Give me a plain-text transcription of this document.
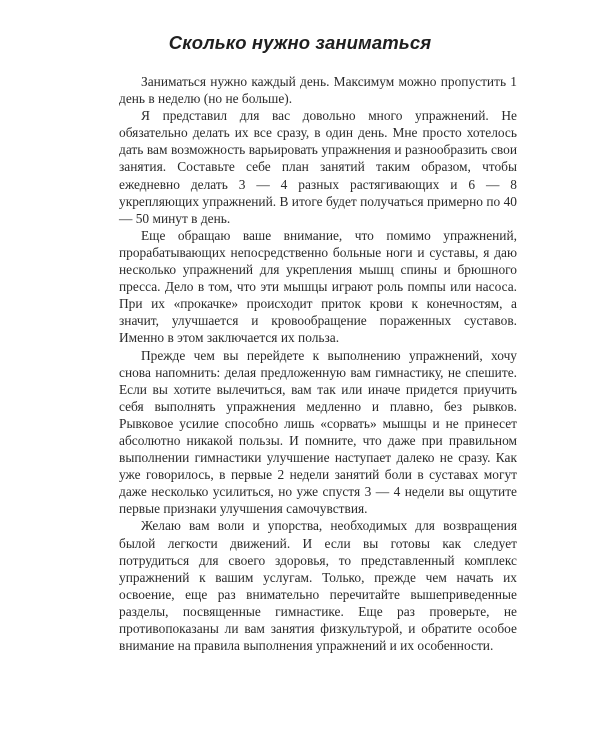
Сколько нужно заниматься

Заниматься нужно каждый день. Максимум можно пропустить 1 день в неделю (но не больше).

Я представил для вас довольно много упражнений. Не обязательно делать их все сразу, в один день. Мне просто хотелось дать вам возможность варьировать упражнения и разнообразить свои занятия. Составьте себе план занятий таким образом, чтобы ежедневно делать 3 — 4 разных растягивающих и 6 — 8 укрепляющих упражнений. В итоге будет получаться примерно по 40 — 50 минут в день.

Еще обращаю ваше внимание, что помимо упражнений, прорабатывающих непосредственно больные ноги и суставы, я даю несколько упражнений для укрепления мышц спины и брюшного пресса. Дело в том, что эти мышцы играют роль помпы или насоса. При их «прокачке» происходит приток крови к конечностям, а значит, улучшается и кровообращение пораженных суставов. Именно в этом заключается их польза.

Прежде чем вы перейдете к выполнению упражнений, хочу снова напомнить: делая предложенную вам гимнастику, не спешите. Если вы хотите вылечиться, вам так или иначе придется приучить себя выполнять упражнения медленно и плавно, без рывков. Рывковое усилие способно лишь «сорвать» мышцы и не принесет абсолютно никакой пользы. И помните, что даже при правильном выполнении гимнастики улучшение наступает далеко не сразу. Как уже говорилось, в первые 2 недели занятий боли в суставах могут даже несколько усилиться, но уже спустя 3 — 4 недели вы ощутите первые признаки улучшения самочувствия.

Желаю вам воли и упорства, необходимых для возвращения былой легкости движений. И если вы готовы как следует потрудиться для своего здоровья, то представленный комплекс упражнений к вашим услугам. Только, прежде чем начать их освоение, еще раз внимательно перечитайте вышеприведенные разделы, посвященные гимнастике. Еще раз проверьте, не противопоказаны ли вам занятия физкультурой, и обратите особое внимание на правила выполнения упражнений и их особенности.
